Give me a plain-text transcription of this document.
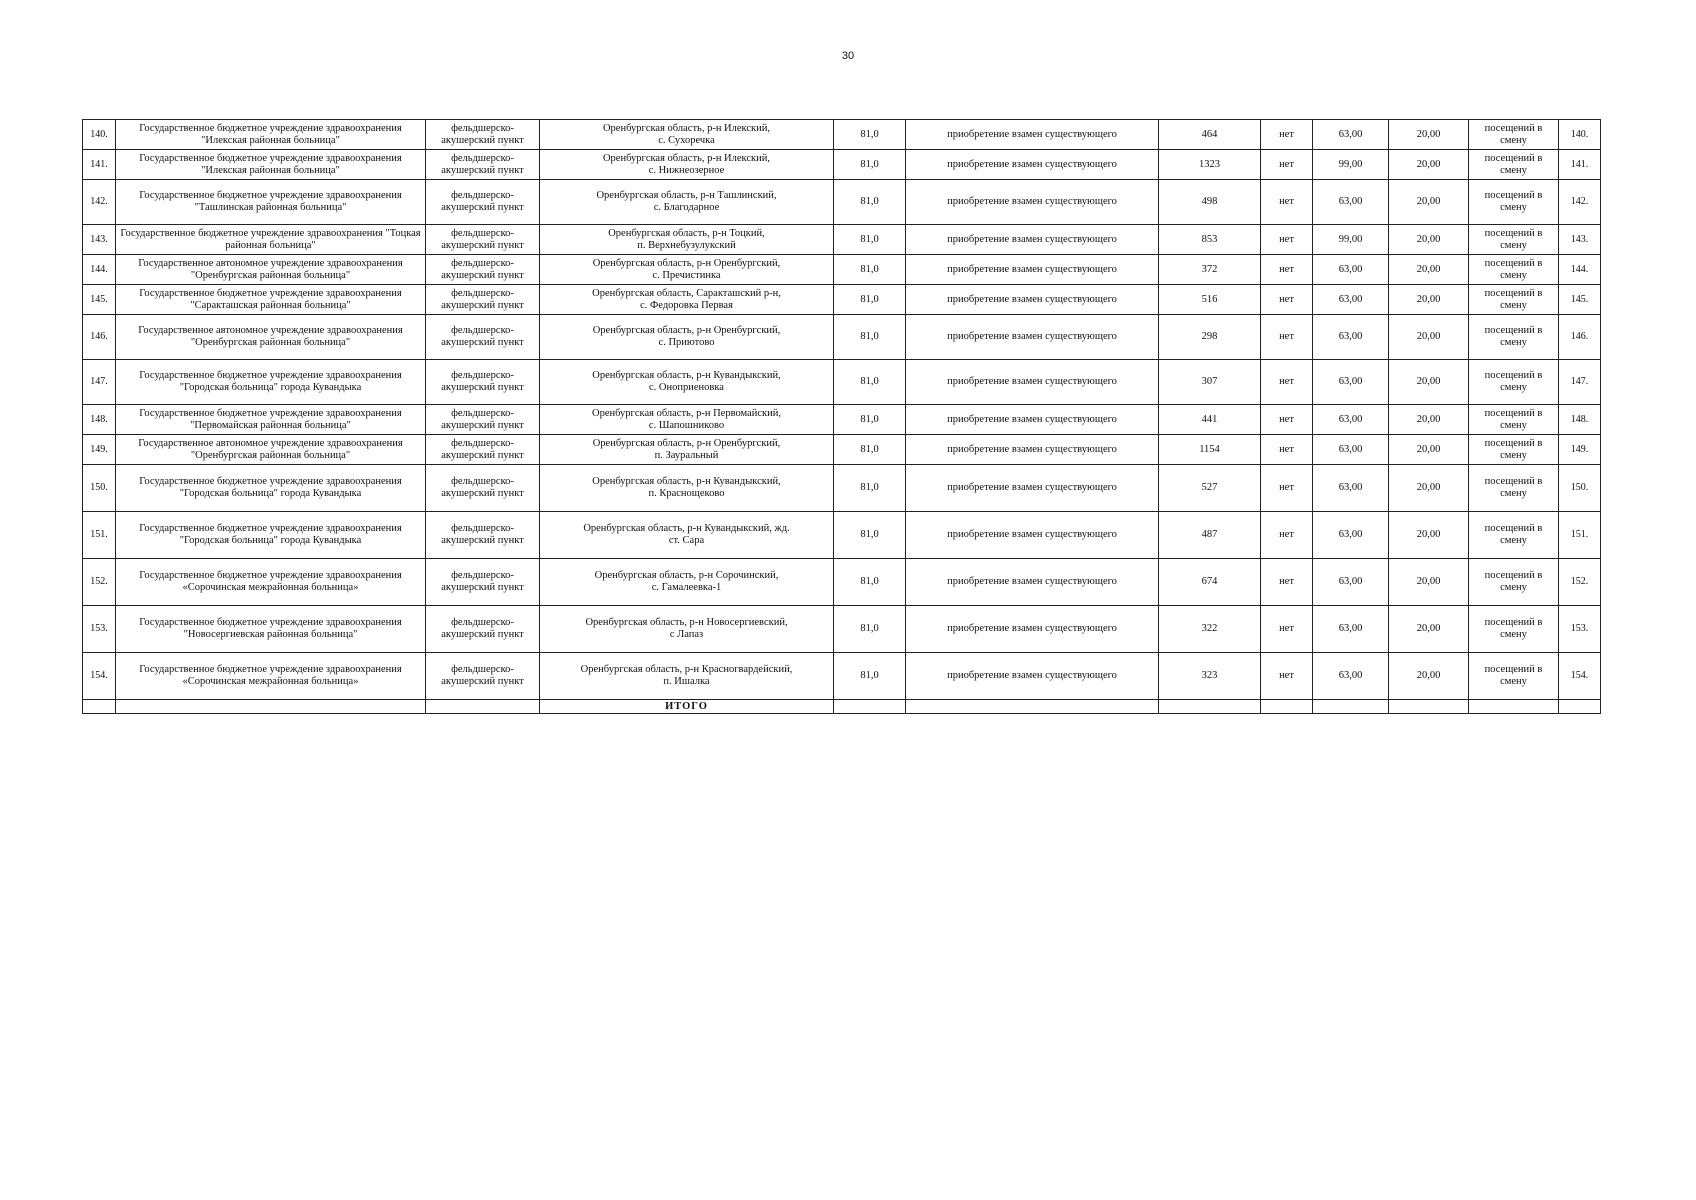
30
140.	Государственное бюджетное учреждение здравоохранения "Илекская районная больница"	фельдшерско-акушерский пункт	Оренбургская область, р-н Илекский,
с. Сухоречка	81,0	приобретение взамен существующего	464	нет	63,00	20,00	посещений в смену	140.
141.	Государственное бюджетное учреждение здравоохранения "Илекская районная больница"	фельдшерско-акушерский пункт	Оренбургская область, р-н Илекский,
с. Нижнеозерное	81,0	приобретение взамен существующего	1323	нет	99,00	20,00	посещений в смену	141.
142.	Государственное бюджетное учреждение здравоохранения "Ташлинская районная больница"	фельдшерско-акушерский пункт	Оренбургская область, р-н Ташлинский,
с. Благодарное	81,0	приобретение взамен существующего	498	нет	63,00	20,00	посещений в смену	142.
143.	Государственное бюджетное учреждение здравоохранения "Тоцкая районная больница"	фельдшерско-акушерский пункт	Оренбургская область, р-н Тоцкий,
п. Верхнебузулукский	81,0	приобретение взамен существующего	853	нет	99,00	20,00	посещений в смену	143.
144.	Государственное автономное учреждение здравоохранения "Оренбургская районная больница"	фельдшерско-акушерский пункт	Оренбургская область, р-н Оренбургский,
с. Пречистинка	81,0	приобретение взамен существующего	372	нет	63,00	20,00	посещений в смену	144.
145.	Государственное бюджетное учреждение здравоохранения "Саракташская районная больница"	фельдшерско-акушерский пункт	Оренбургская область, Саракташский р-н,
с. Федоровка Первая	81,0	приобретение взамен существующего	516	нет	63,00	20,00	посещений в смену	145.
146.	Государственное автономное учреждение здравоохранения "Оренбургская районная больница"	фельдшерско-акушерский пункт	Оренбургская область, р-н Оренбургский,
с. Приютово	81,0	приобретение взамен существующего	298	нет	63,00	20,00	посещений в смену	146.
147.	Государственное бюджетное учреждение здравоохранения "Городская больница" города Кувандыка	фельдшерско-акушерский пункт	Оренбургская область, р-н Кувандыкский,
с. Оноприеновка	81,0	приобретение взамен существующего	307	нет	63,00	20,00	посещений в смену	147.
148.	Государственное бюджетное учреждение здравоохранения "Первомайская районная больница"	фельдшерско-акушерский пункт	Оренбургская область, р-н Первомайский,
с. Шапошниково	81,0	приобретение взамен существующего	441	нет	63,00	20,00	посещений в смену	148.
149.	Государственное автономное учреждение здравоохранения "Оренбургская районная больница"	фельдшерско-акушерский пункт	Оренбургская область, р-н Оренбургский,
п. Зауральный	81,0	приобретение взамен существующего	1154	нет	63,00	20,00	посещений в смену	149.
150.	Государственное бюджетное учреждение здравоохранения "Городская больница" города Кувандыка	фельдшерско-акушерский пункт	Оренбургская область, р-н Кувандыкский,
п. Краснощеково	81,0	приобретение взамен существующего	527	нет	63,00	20,00	посещений в смену	150.
151.	Государственное бюджетное учреждение здравоохранения "Городская больница" города Кувандыка	фельдшерско-акушерский пункт	Оренбургская область, р-н Кувандыкский, жд.
ст. Сара	81,0	приобретение взамен существующего	487	нет	63,00	20,00	посещений в смену	151.
152.	Государственное бюджетное учреждение здравоохранения «Сорочинская межрайонная больница»	фельдшерско-акушерский пункт	Оренбургская область, р-н Сорочинский,
с. Гамалеевка-1	81,0	приобретение взамен существующего	674	нет	63,00	20,00	посещений в смену	152.
153.	Государственное бюджетное учреждение здравоохранения "Новосергиевская районная больница"	фельдшерско-акушерский пункт	Оренбургская область, р-н Новосергиевский,
с Лапаз	81,0	приобретение взамен существующего	322	нет	63,00	20,00	посещений в смену	153.
154.	Государственное бюджетное учреждение здравоохранения «Сорочинская межрайонная больница»	фельдшерско-акушерский пункт	Оренбургская область, р-н Красногвардейский,
п. Ишалка	81,0	приобретение взамен существующего	323	нет	63,00	20,00	посещений в смену	154.
			ИТОГО								
